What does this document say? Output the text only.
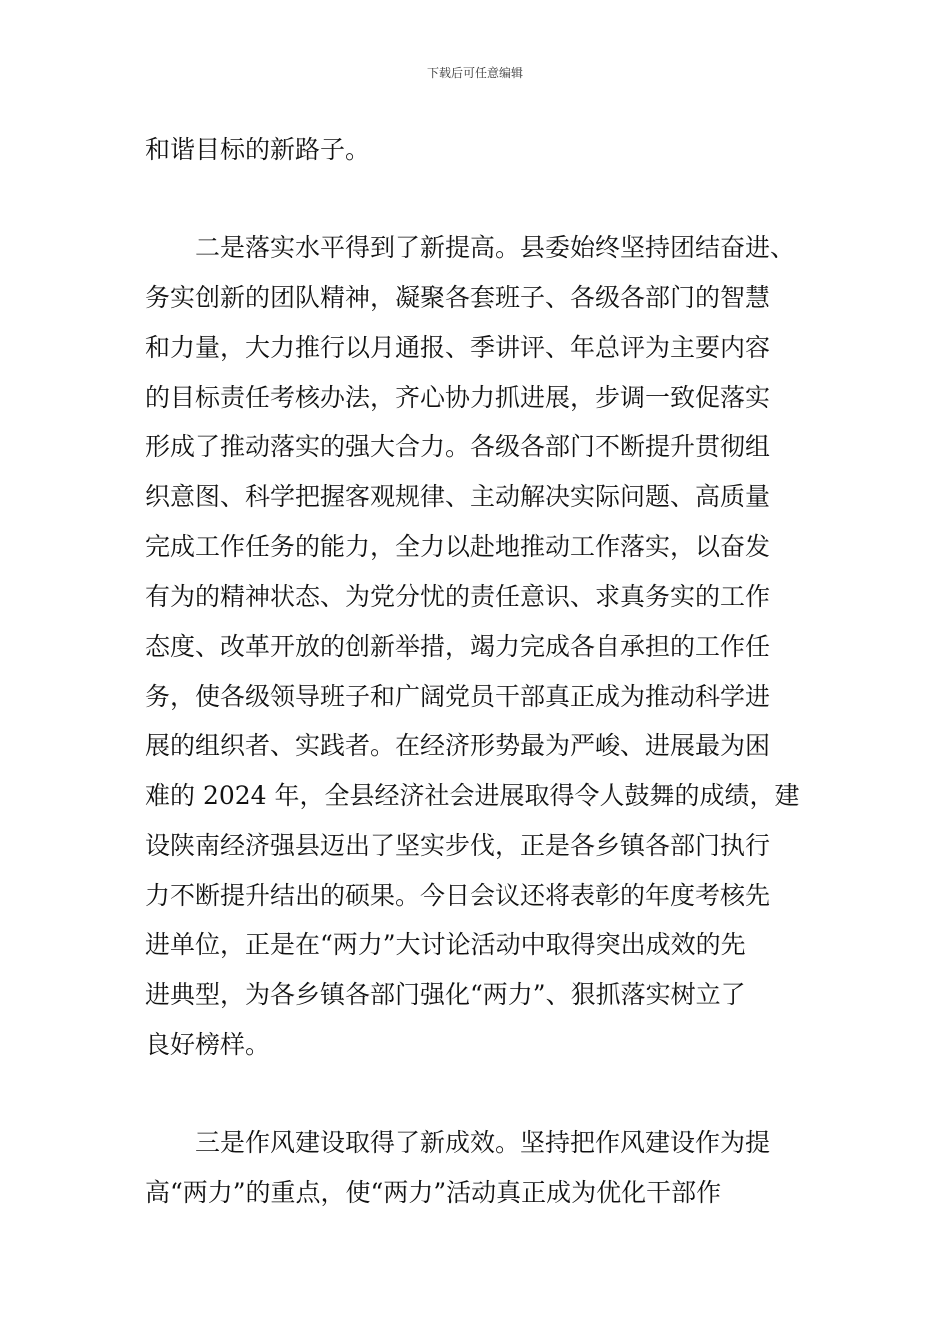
下载后可任意编辑
和谐目标的新路子。
二是落实水平得到了新提高。县委始终坚持团结奋进、
务实创新的团队精神，凝聚各套班子、各级各部门的智慧
和力量，大力推行以月通报、季讲评、年总评为主要内容
的目标责任考核办法，齐心协力抓进展，步调一致促落实
形成了推动落实的强大合力。各级各部门不断提升贯彻组
织意图、科学把握客观规律、主动解决实际问题、高质量
完成工作任务的能力，全力以赴地推动工作落实，以奋发
有为的精神状态、为党分忧的责任意识、求真务实的工作
态度、改革开放的创新举措，竭力完成各自承担的工作任
务，使各级领导班子和广阔党员干部真正成为推动科学进
展的组织者、实践者。在经济形势最为严峻、进展最为困
难的 2024 年，全县经济社会进展取得令人鼓舞的成绩，建
设陕南经济强县迈出了坚实步伐，正是各乡镇各部门执行
力不断提升结出的硕果。今日会议还将表彰的年度考核先
进单位，正是在“两力”大讨论活动中取得突出成效的先
进典型，为各乡镇各部门强化“两力”、狠抓落实树立了
良好榜样。
三是作风建设取得了新成效。坚持把作风建设作为提
高“两力”的重点，使“两力”活动真正成为优化干部作
